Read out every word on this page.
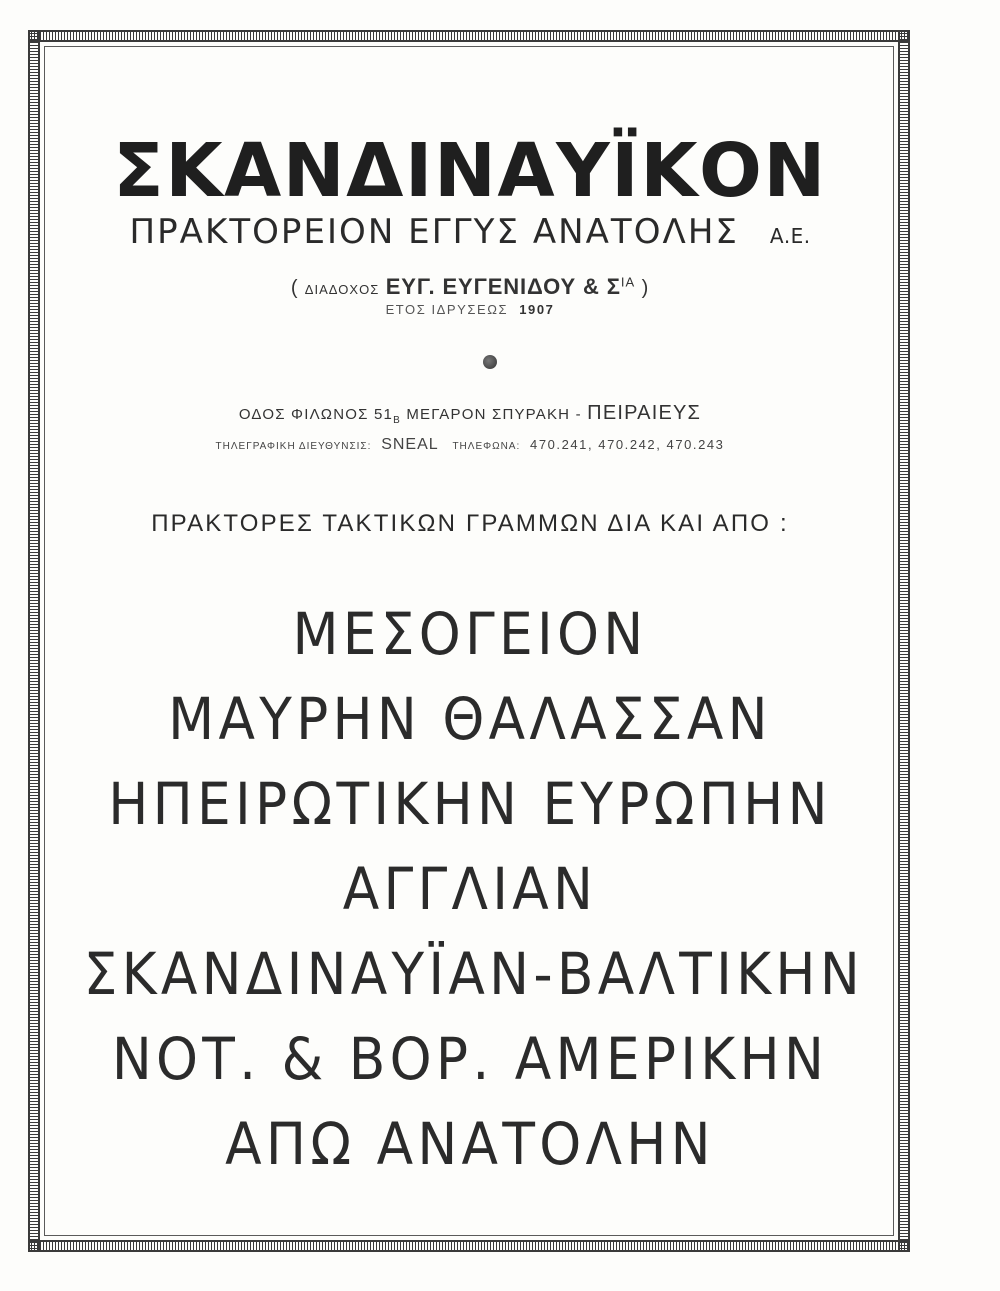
ΣΚΑΝΔΙΝΑΥΪΚΟΝ
ΠΡΑΚΤΟΡΕΙΟΝ ΕΓΓΥΣ ΑΝΑΤΟΛΗΣ Α.Ε.
( ΔΙΑΔΟΧΟΣ ΕΥΓ. ΕΥΓΕΝΙΔΟΥ & $\Sigma^{IA}$ )
ΕΤΟΣ ΙΔΡΥΣΕΩΣ 1907
ΟΔΟΣ ΦΙΛΩΝΟΣ $51_B$ ΜΕΓΑΡΟΝ ΣΠΥΡΑΚΗ - ΠΕΙΡΑΙΕΥΣ
ΤΗΛΕΓΡΑΦΙΚΗ ΔΙΕΥΘΥΝΣΙΣ: SNEAL ΤΗΛΕΦΩΝΑ: 470.241, 470.242, 470.243
ΠΡΑΚΤΟΡΕΣ ΤΑΚΤΙΚΩΝ ΓΡΑΜΜΩΝ ΔΙΑ ΚΑΙ ΑΠΟ :
ΜΕΣΟΓΕΙΟΝ
ΜΑΥΡΗΝ ΘΑΛΑΣΣΑΝ
ΗΠΕΙΡΩΤΙΚΗΝ ΕΥΡΩΠΗΝ
ΑΓΓΛΙΑΝ
ΣΚΑΝΔΙΝΑΥΪΑΝ-ΒΑΛΤΙΚΗΝ
ΝΟΤ. & ΒΟΡ. ΑΜΕΡΙΚΗΝ
ΑΠΩ ΑΝΑΤΟΛΗΝ
